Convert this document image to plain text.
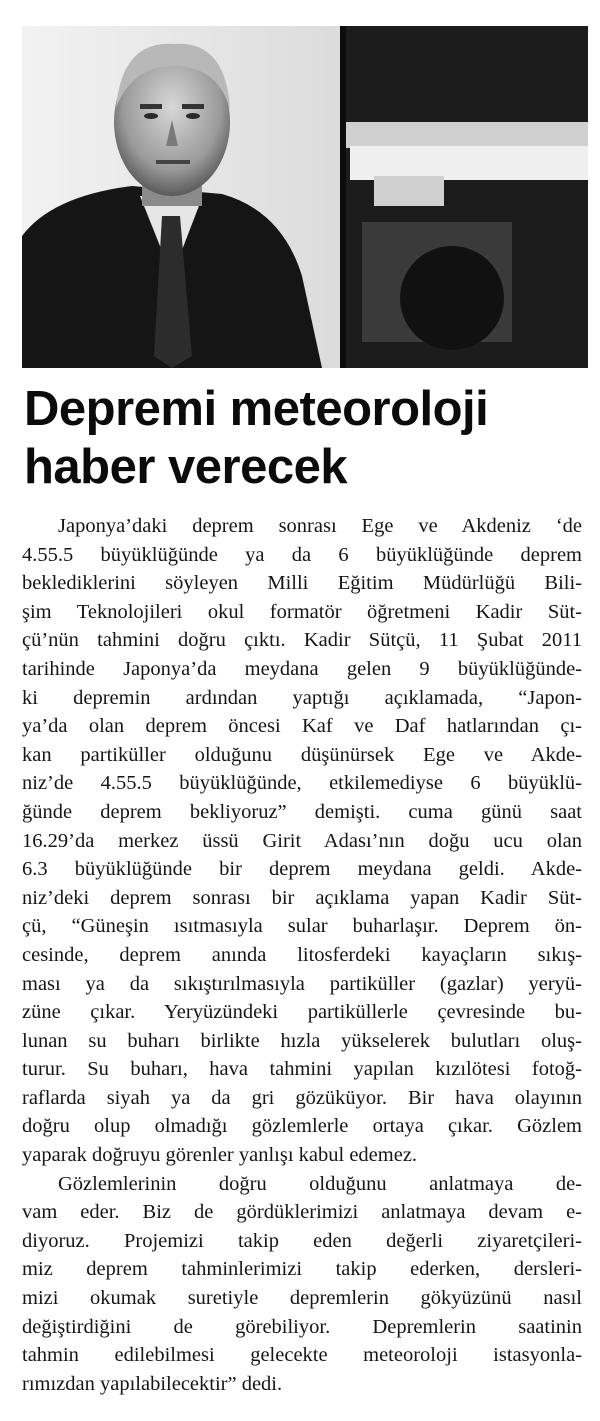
Depremi meteoroloji
haber verecek

Japonya’daki deprem sonrası Ege ve Akdeniz ‘de
4.55.5 büyüklüğünde ya da 6 büyüklüğünde deprem
beklediklerini söyleyen Milli Eğitim Müdürlüğü Bili-
şim Teknolojileri okul formatör öğretmeni Kadir Süt-
çü’nün tahmini doğru çıktı. Kadir Sütçü, 11 Şubat 2011
tarihinde Japonya’da meydana gelen 9 büyüklüğünde-
ki depremin ardından yaptığı açıklamada, “Japon-
ya’da olan deprem öncesi Kaf ve Daf hatlarından çı-
kan partiküller olduğunu düşünürsek Ege ve Akde-
niz’de 4.55.5 büyüklüğünde, etkilemediyse 6 büyüklü-
ğünde deprem bekliyoruz” demişti. cuma günü saat
16.29’da merkez üssü Girit Adası’nın doğu ucu olan
6.3 büyüklüğünde bir deprem meydana geldi. Akde-
niz’deki deprem sonrası bir açıklama yapan Kadir Süt-
çü, “Güneşin ısıtmasıyla sular buharlaşır. Deprem ön-
cesinde, deprem anında litosferdeki kayaçların sıkış-
ması ya da sıkıştırılmasıyla partiküller (gazlar) yeryü-
züne çıkar. Yeryüzündeki partiküllerle çevresinde bu-
lunan su buharı birlikte hızla yükselerek bulutları oluş-
turur. Su buharı, hava tahmini yapılan kızılötesi fotoğ-
raflarda siyah ya da gri gözüküyor. Bir hava olayının
doğru olup olmadığı gözlemlerle ortaya çıkar. Gözlem
yaparak doğruyu görenler yanlışı kabul edemez.

Gözlemlerinin doğru olduğunu anlatmaya de-
vam eder. Biz de gördüklerimizi anlatmaya devam e-
diyoruz. Projemizi takip eden değerli ziyaretçileri-
miz deprem tahminlerimizi takip ederken, dersleri-
mizi okumak suretiyle depremlerin gökyüzünü nasıl
değiştirdiğini de görebiliyor. Depremlerin saatinin
tahmin edilebilmesi gelecekte meteoroloji istasyonla-
rımızdan yapılabilecektir” dedi.
